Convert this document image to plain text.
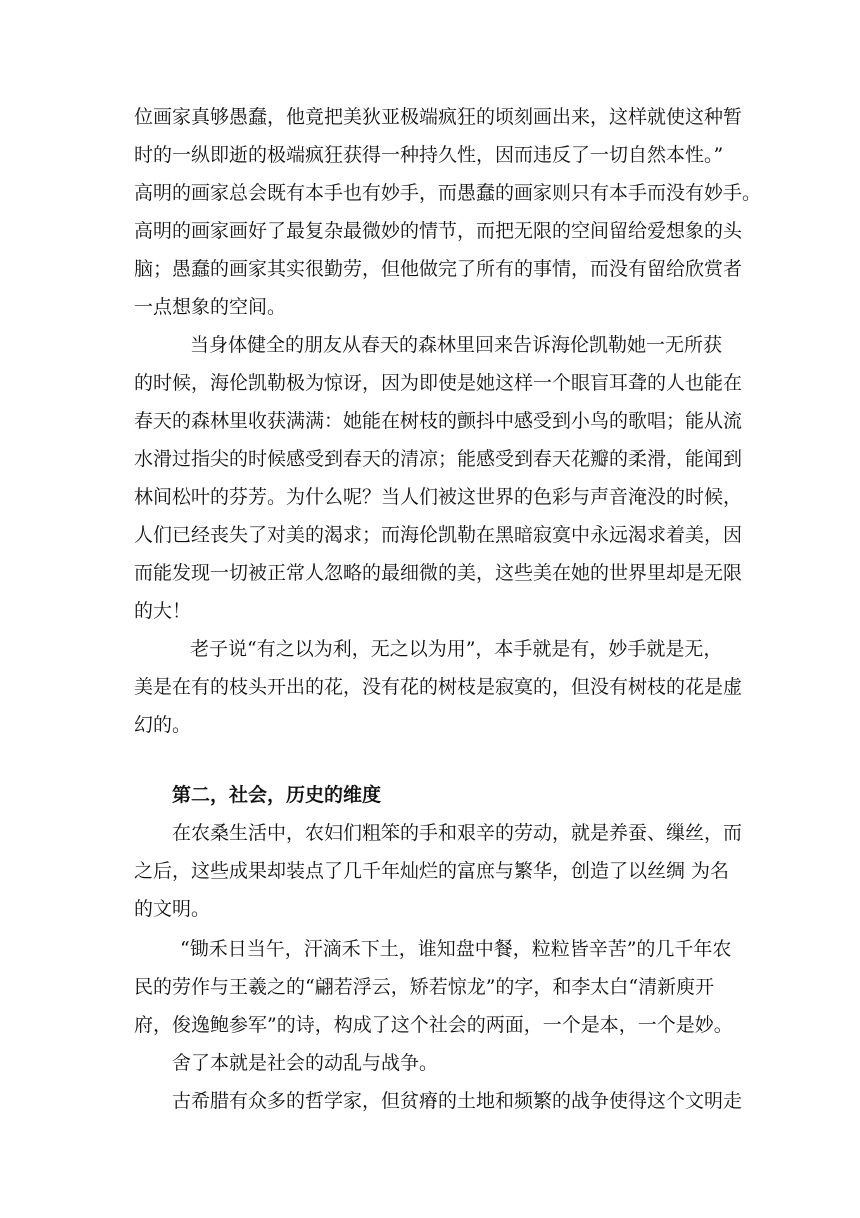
位画家真够愚蠢，他竟把美狄亚极端疯狂的顷刻画出来，这样就使这种暂
时的一纵即逝的极端疯狂获得一种持久性，因而违反了一切自然本性。”
高明的画家总会既有本手也有妙手，而愚蠢的画家则只有本手而没有妙手。
高明的画家画好了最复杂最微妙的情节，而把无限的空间留给爱想象的头
脑；愚蠢的画家其实很勤劳，但他做完了所有的事情，而没有留给欣赏者
一点想象的空间。
当身体健全的朋友从春天的森林里回来告诉海伦凯勒她一无所获
的时候，海伦凯勒极为惊讶，因为即使是她这样一个眼盲耳聋的人也能在
春天的森林里收获满满：她能在树枝的颤抖中感受到小鸟的歌唱；能从流
水滑过指尖的时候感受到春天的清凉；能感受到春天花瓣的柔滑，能闻到
林间松叶的芬芳。为什么呢？当人们被这世界的色彩与声音淹没的时候，
人们已经丧失了对美的渴求；而海伦凯勒在黑暗寂寞中永远渴求着美，因
而能发现一切被正常人忽略的最细微的美，这些美在她的世界里却是无限
的大！
老子说“有之以为利，无之以为用”，本手就是有，妙手就是无，
美是在有的枝头开出的花，没有花的树枝是寂寞的，但没有树枝的花是虚
幻的。
第二，社会，历史的维度
在农桑生活中，农妇们粗笨的手和艰辛的劳动，就是养蚕、缫丝，而
之后，这些成果却装点了几千年灿烂的富庶与繁华，创造了以丝绸 为名
的文明。
“锄禾日当午，汗滴禾下土，谁知盘中餐，粒粒皆辛苦”的几千年农
民的劳作与王羲之的“翩若浮云，矫若惊龙”的字，和李太白“清新庾开
府，俊逸鲍参军”的诗，构成了这个社会的两面，一个是本，一个是妙。
舍了本就是社会的动乱与战争。
古希腊有众多的哲学家，但贫瘠的土地和频繁的战争使得这个文明走
